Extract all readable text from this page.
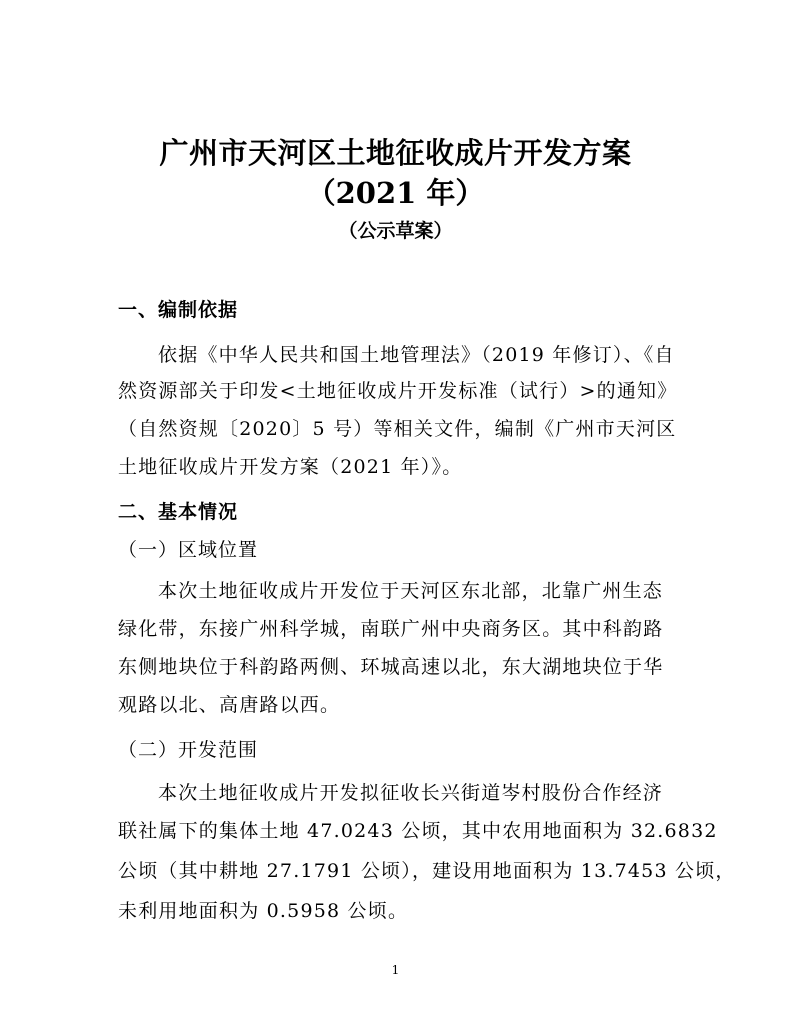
广州市天河区土地征收成片开发方案
（2021 年）
（公示草案）
一、编制依据
依据《中华人民共和国土地管理法》（2019 年修订）、《自
然资源部关于印发<土地征收成片开发标准（试行）>的通知》
（自然资规〔2020〕5 号）等相关文件，编制《广州市天河区
土地征收成片开发方案（2021 年）》。
二、基本情况
（一）区域位置
本次土地征收成片开发位于天河区东北部，北靠广州生态
绿化带，东接广州科学城，南联广州中央商务区。其中科韵路
东侧地块位于科韵路两侧、环城高速以北，东大湖地块位于华
观路以北、高唐路以西。
（二）开发范围
本次土地征收成片开发拟征收长兴街道岑村股份合作经济
联社属下的集体土地 47.0243 公顷，其中农用地面积为 32.6832
公顷（其中耕地 27.1791 公顷），建设用地面积为 13.7453 公顷，
未利用地面积为 0.5958 公顷。
1
